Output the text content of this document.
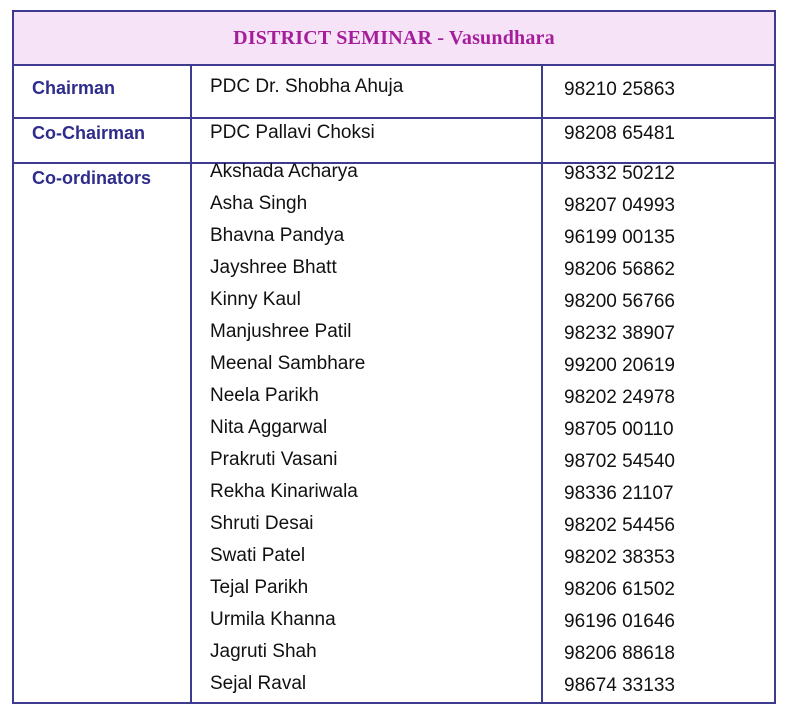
DISTRICT SEMINAR - Vasundhara
Chairman	PDC Dr. Shobha Ahuja	98210 25863
Co-Chairman	PDC Pallavi Choksi	98208 65481
Co-ordinators	Akshada Acharya	98332 50212
Asha Singh	98207 04993
Bhavna Pandya	96199 00135
Jayshree Bhatt	98206 56862
Kinny Kaul	98200 56766
Manjushree Patil	98232 38907
Meenal Sambhare	99200 20619
Neela Parikh	98202 24978
Nita Aggarwal	98705 00110
Prakruti Vasani	98702 54540
Rekha Kinariwala	98336 21107
Shruti Desai	98202 54456
Swati Patel	98202 38353
Tejal Parikh	98206 61502
Urmila Khanna	96196 01646
Jagruti Shah	98206 88618
Sejal Raval	98674 33133
